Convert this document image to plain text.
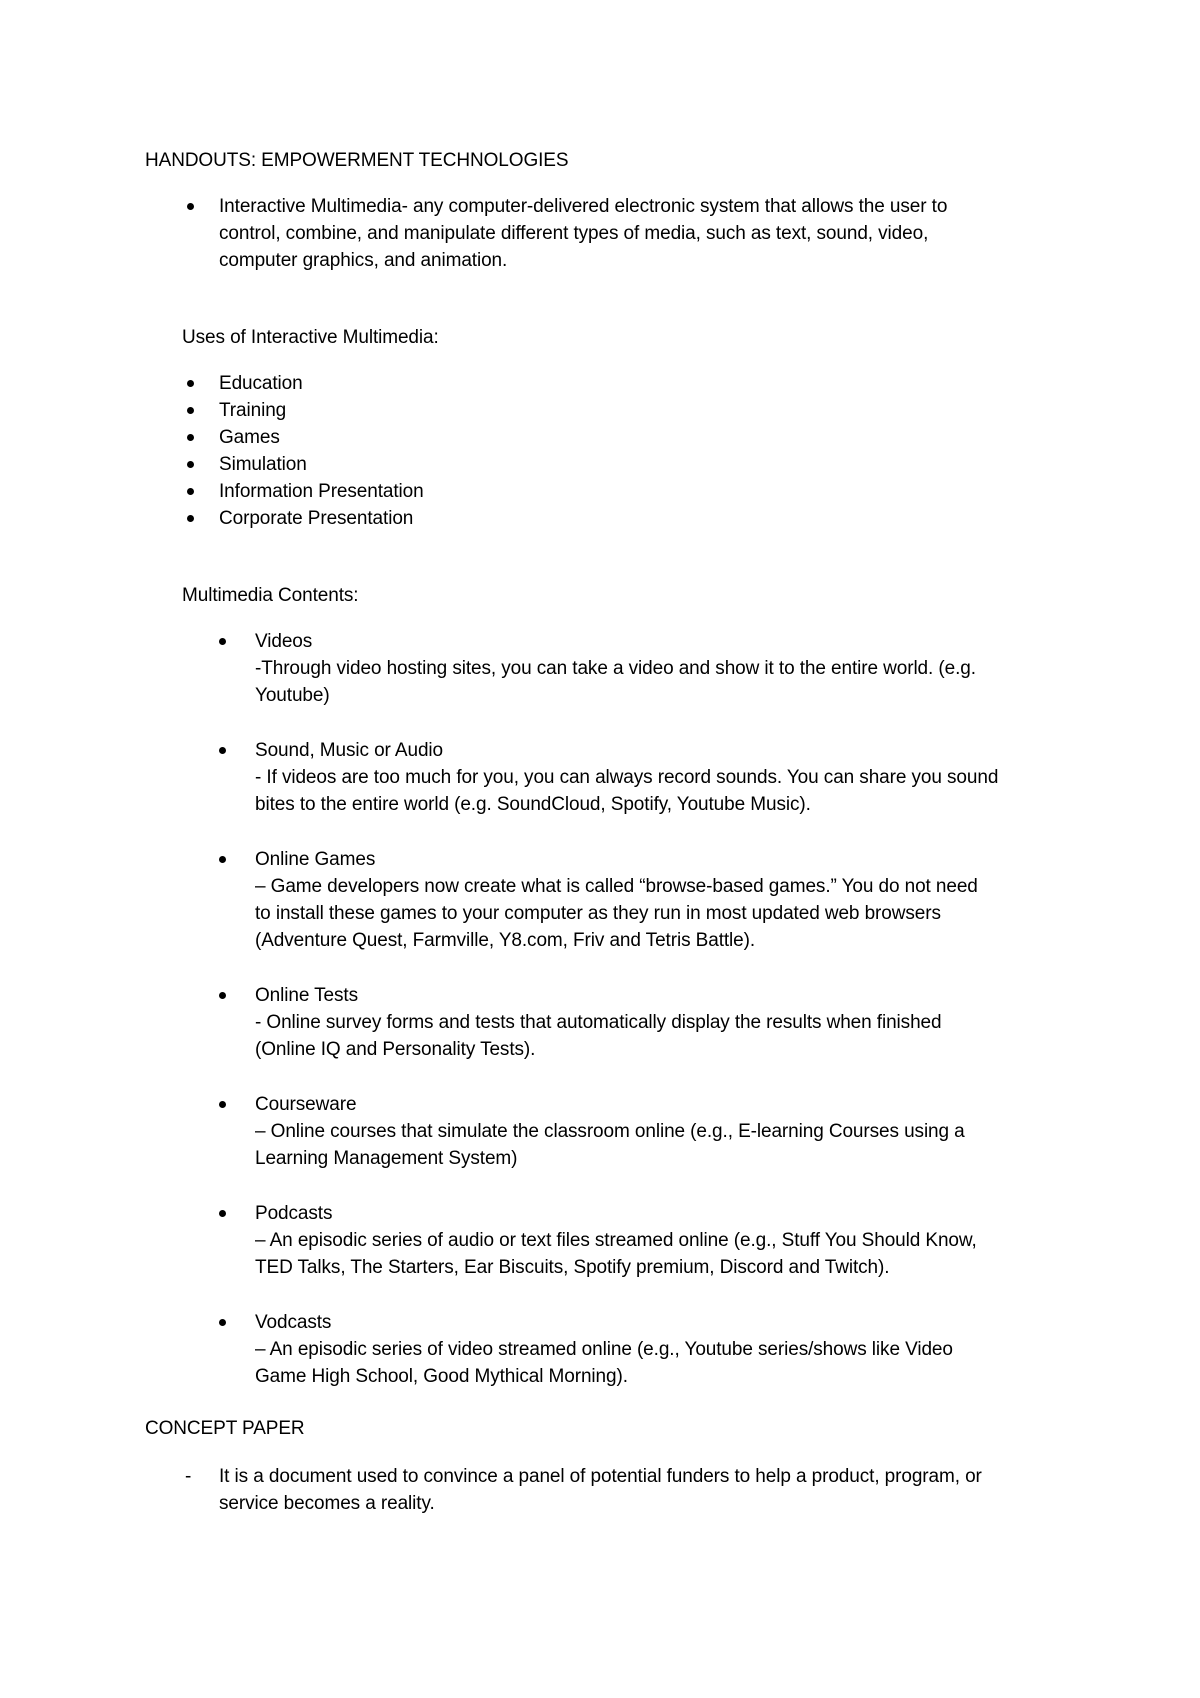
HANDOUTS: EMPOWERMENT TECHNOLOGIES
Interactive Multimedia- any computer-delivered electronic system that allows the user to
control, combine, and manipulate different types of media, such as text, sound, video,
computer graphics, and animation.
Uses of Interactive Multimedia:
Education
Training
Games
Simulation
Information Presentation
Corporate Presentation
Multimedia Contents:
Videos
-Through video hosting sites, you can take a video and show it to the entire world. (e.g.
Youtube)
Sound, Music or Audio
- If videos are too much for you, you can always record sounds. You can share you sound
bites to the entire world (e.g. SoundCloud, Spotify, Youtube Music).
Online Games
– Game developers now create what is called “browse-based games.” You do not need
to install these games to your computer as they run in most updated web browsers
(Adventure Quest, Farmville, Y8.com, Friv and Tetris Battle).
Online Tests
- Online survey forms and tests that automatically display the results when finished
(Online IQ and Personality Tests).
Courseware
– Online courses that simulate the classroom online (e.g., E-learning Courses using a
Learning Management System)
Podcasts
– An episodic series of audio or text files streamed online (e.g., Stuff You Should Know,
TED Talks, The Starters, Ear Biscuits, Spotify premium, Discord and Twitch).
Vodcasts
– An episodic series of video streamed online (e.g., Youtube series/shows like Video
Game High School, Good Mythical Morning).
CONCEPT PAPER
- It is a document used to convince a panel of potential funders to help a product, program, or
service becomes a reality.
